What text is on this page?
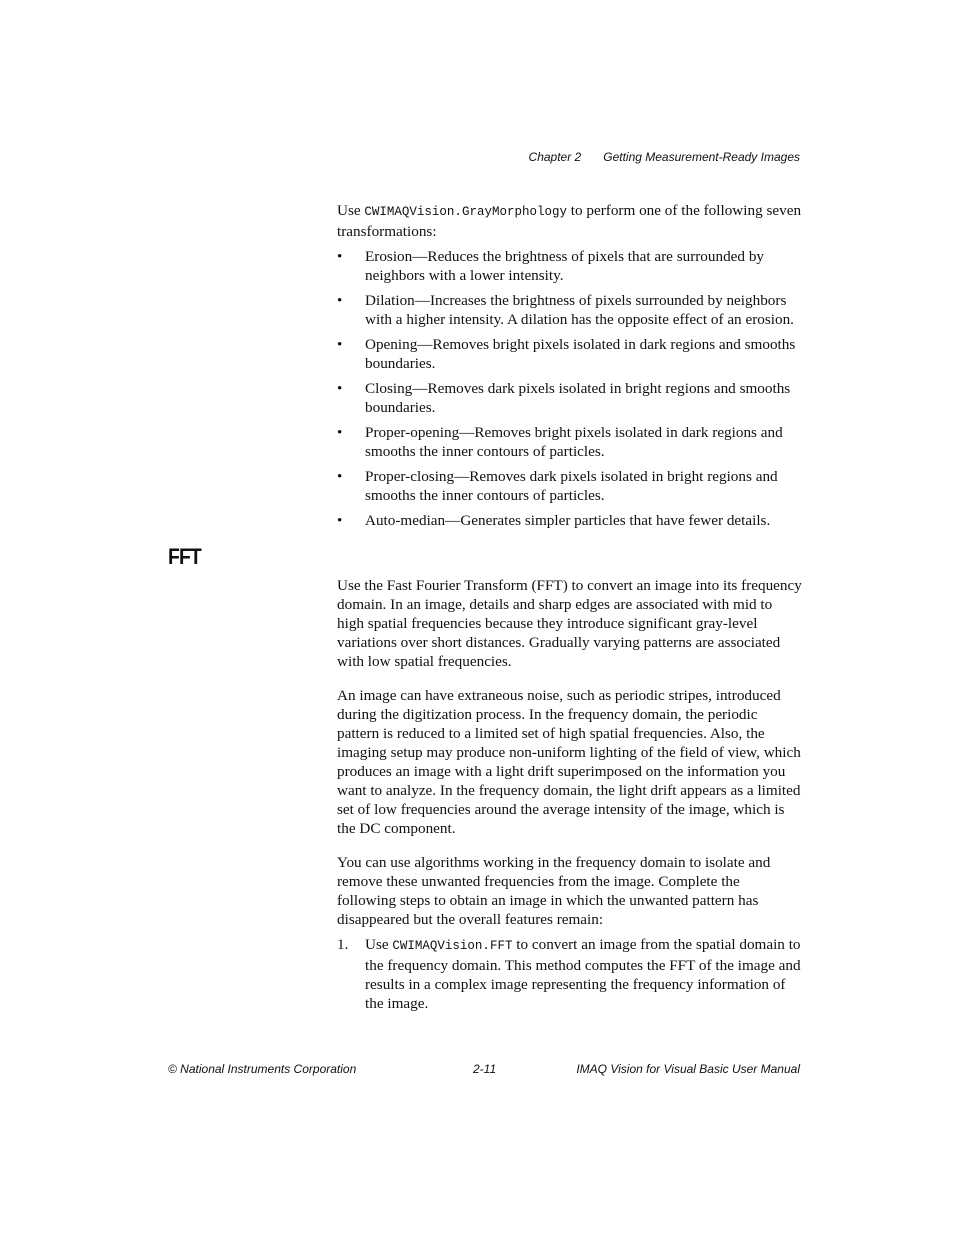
Chapter 2 Getting Measurement-Ready Images

Use CWIMAQVision.GrayMorphology to perform one of the following seven transformations:

• Erosion—Reduces the brightness of pixels that are surrounded by neighbors with a lower intensity.
• Dilation—Increases the brightness of pixels surrounded by neighbors with a higher intensity. A dilation has the opposite effect of an erosion.
• Opening—Removes bright pixels isolated in dark regions and smooths boundaries.
• Closing—Removes dark pixels isolated in bright regions and smooths boundaries.
• Proper-opening—Removes bright pixels isolated in dark regions and smooths the inner contours of particles.
• Proper-closing—Removes dark pixels isolated in bright regions and smooths the inner contours of particles.
• Auto-median—Generates simpler particles that have fewer details.
FFT

Use the Fast Fourier Transform (FFT) to convert an image into its frequency domain. In an image, details and sharp edges are associated with mid to high spatial frequencies because they introduce significant gray-level variations over short distances. Gradually varying patterns are associated with low spatial frequencies.

An image can have extraneous noise, such as periodic stripes, introduced during the digitization process. In the frequency domain, the periodic pattern is reduced to a limited set of high spatial frequencies. Also, the imaging setup may produce non-uniform lighting of the field of view, which produces an image with a light drift superimposed on the information you want to analyze. In the frequency domain, the light drift appears as a limited set of low frequencies around the average intensity of the image, which is the DC component.

You can use algorithms working in the frequency domain to isolate and remove these unwanted frequencies from the image. Complete the following steps to obtain an image in which the unwanted pattern has disappeared but the overall features remain:

1. Use CWIMAQVision.FFT to convert an image from the spatial domain to the frequency domain. This method computes the FFT of the image and results in a complex image representing the frequency information of the image.
© National Instruments Corporation	2-11	IMAQ Vision for Visual Basic User Manual
